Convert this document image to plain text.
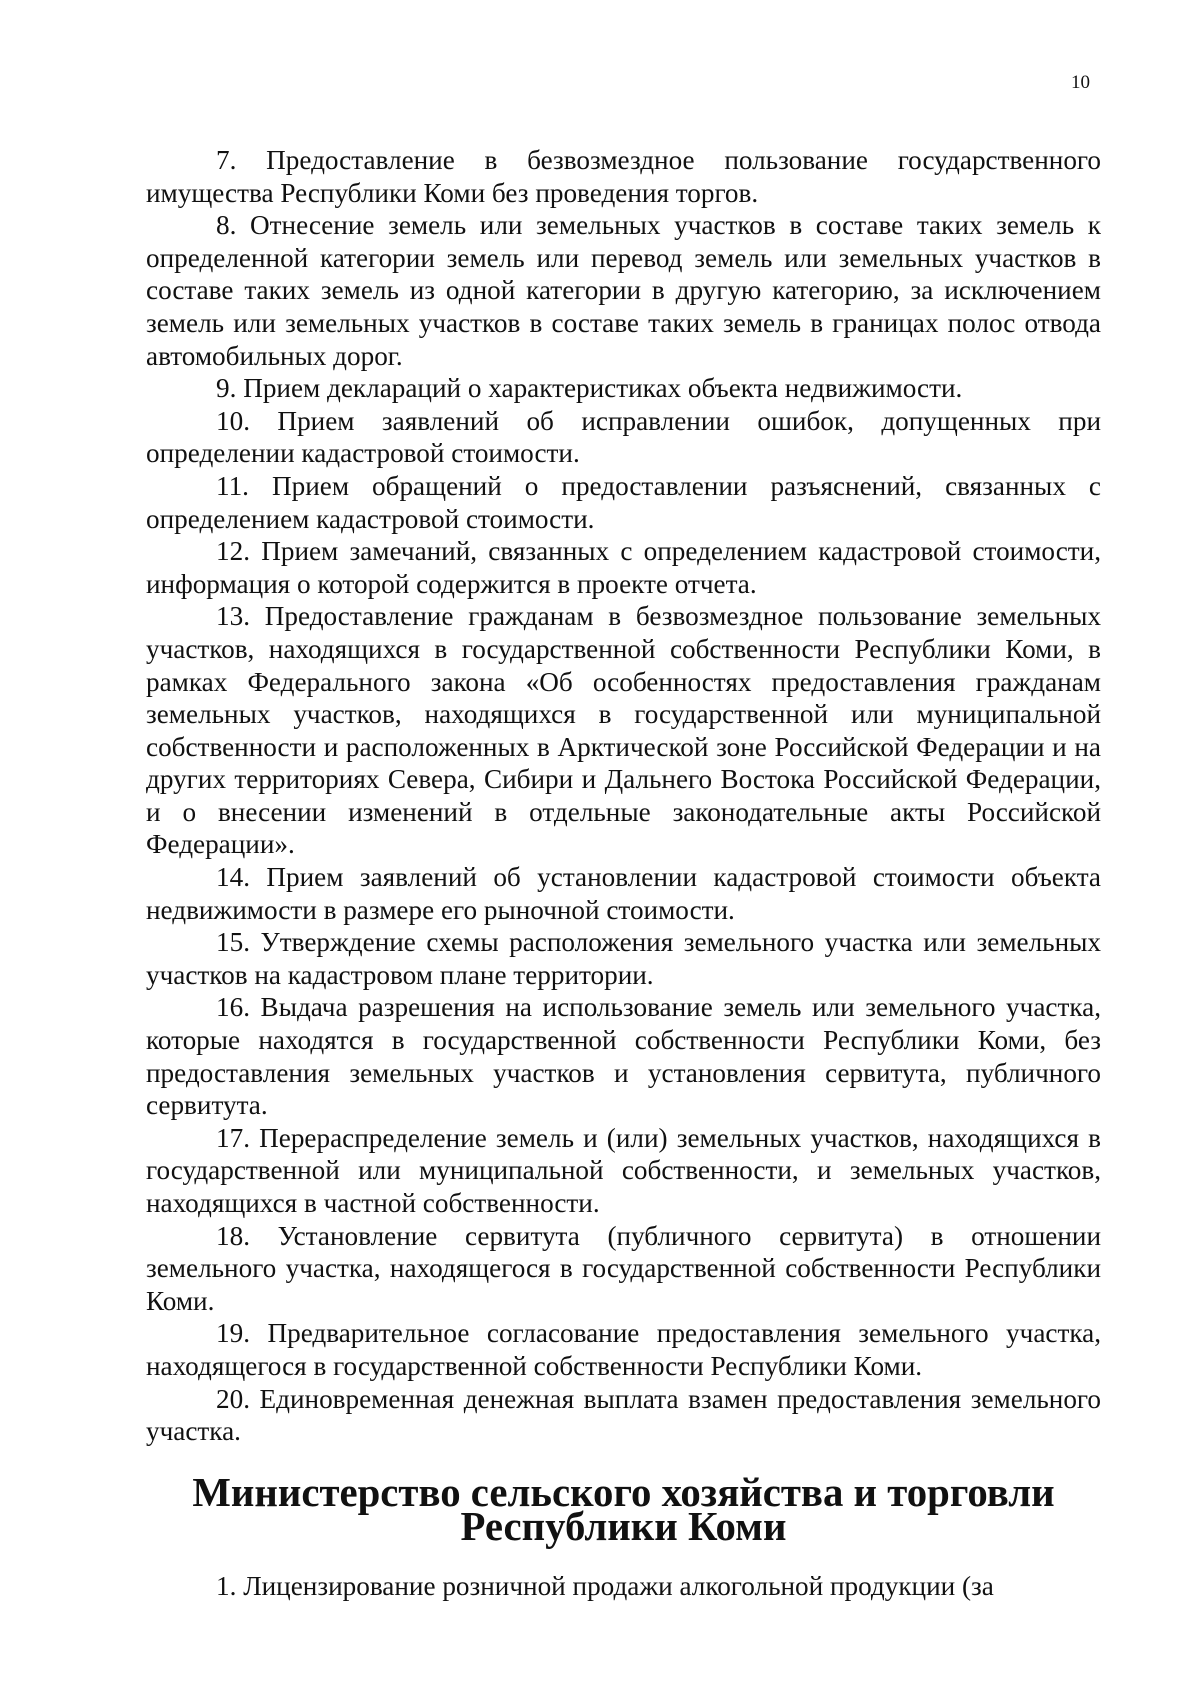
10

7. Предоставление в безвозмездное пользование государственного имущества Республики Коми без проведения торгов.

8. Отнесение земель или земельных участков в составе таких земель к определенной категории земель или перевод земель или земельных участков в составе таких земель из одной категории в другую категорию, за исключением земель или земельных участков в составе таких земель в границах полос отвода автомобильных дорог.

9. Прием деклараций о характеристиках объекта недвижимости.

10. Прием заявлений об исправлении ошибок, допущенных при определении кадастровой стоимости.

11. Прием обращений о предоставлении разъяснений, связанных с определением кадастровой стоимости.

12. Прием замечаний, связанных с определением кадастровой стоимости, информация о которой содержится в проекте отчета.

13. Предоставление гражданам в безвозмездное пользование земельных участков, находящихся в государственной собственности Республики Коми, в рамках Федерального закона «Об особенностях предоставления гражданам земельных участков, находящихся в государственной или муниципальной собственности и расположенных в Арктической зоне Российской Федерации и на других территориях Севера, Сибири и Дальнего Востока Российской Федерации, и о внесении изменений в отдельные законодательные акты Российской Федерации».

14. Прием заявлений об установлении кадастровой стоимости объекта недвижимости в размере его рыночной стоимости.

15. Утверждение схемы расположения земельного участка или земельных участков на кадастровом плане территории.

16. Выдача разрешения на использование земель или земельного участка, которые находятся в государственной собственности Республики Коми, без предоставления земельных участков и установления сервитута, публичного сервитута.

17. Перераспределение земель и (или) земельных участков, находящихся в государственной или муниципальной собственности, и земельных участков, находящихся в частной собственности.

18. Установление сервитута (публичного сервитута) в отношении земельного участка, находящегося в государственной собственности Республики Коми.

19. Предварительное согласование предоставления земельного участка, находящегося в государственной собственности Республики Коми.

20. Единовременная денежная выплата взамен предоставления земельного участка.

Министерство сельского хозяйства и торговли
Республики Коми

1. Лицензирование розничной продажи алкогольной продукции (за
